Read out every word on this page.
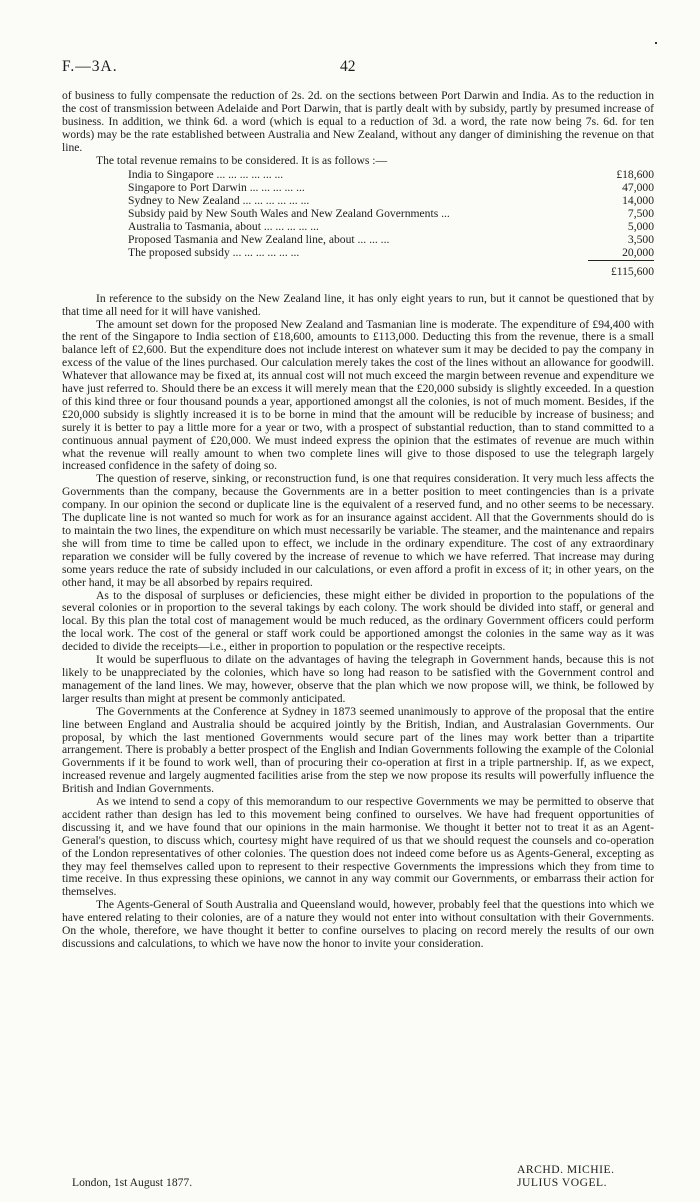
F.—3A.	42

of business to fully compensate the reduction of 2s. 2d. on the sections between Port Darwin and India. As to the reduction in the cost of transmission between Adelaide and Port Darwin, that is partly dealt with by subsidy, partly by presumed increase of business. In addition, we think 6d. a word (which is equal to a reduction of 3d. a word, the rate now being 7s. 6d. for ten words) may be the rate established between Australia and New Zealand, without any danger of diminishing the revenue on that line.

The total revenue remains to be considered. It is as follows :—

India to Singapore ... ... ... ... ... ...	£18,600
Singapore to Port Darwin ... ... ... ... ...	47,000
Sydney to New Zealand ... ... ... ... ... ...	14,000
Subsidy paid by New South Wales and New Zealand Governments ...	7,500
Australia to Tasmania, about ... ... ... ... ...	5,000
Proposed Tasmania and New Zealand line, about ... ... ...	3,500
The proposed subsidy ... ... ... ... ... ...	20,000
	£115,600

In reference to the subsidy on the New Zealand line, it has only eight years to run, but it cannot be questioned that by that time all need for it will have vanished.

The amount set down for the proposed New Zealand and Tasmanian line is moderate. The expenditure of £94,400 with the rent of the Singapore to India section of £18,600, amounts to £113,000. Deducting this from the revenue, there is a small balance left of £2,600. But the expenditure does not include interest on whatever sum it may be decided to pay the company in excess of the value of the lines purchased. Our calculation merely takes the cost of the lines without an allowance for goodwill. Whatever that allowance may be fixed at, its annual cost will not much exceed the margin between revenue and expenditure we have just referred to. Should there be an excess it will merely mean that the £20,000 subsidy is slightly exceeded. In a question of this kind three or four thousand pounds a year, apportioned amongst all the colonies, is not of much moment. Besides, if the £20,000 subsidy is slightly increased it is to be borne in mind that the amount will be reducible by increase of business; and surely it is better to pay a little more for a year or two, with a prospect of substantial reduction, than to stand committed to a continuous annual payment of £20,000. We must indeed express the opinion that the estimates of revenue are much within what the revenue will really amount to when two complete lines will give to those disposed to use the telegraph largely increased confidence in the safety of doing so.

The question of reserve, sinking, or reconstruction fund, is one that requires consideration. It very much less affects the Governments than the company, because the Governments are in a better position to meet contingencies than is a private company. In our opinion the second or duplicate line is the equivalent of a reserved fund, and no other seems to be necessary. The duplicate line is not wanted so much for work as for an insurance against accident. All that the Governments should do is to maintain the two lines, the expenditure on which must necessarily be variable. The steamer, and the maintenance and repairs she will from time to time be called upon to effect, we include in the ordinary expenditure. The cost of any extraordinary reparation we consider will be fully covered by the increase of revenue to which we have referred. That increase may during some years reduce the rate of subsidy included in our calculations, or even afford a profit in excess of it; in other years, on the other hand, it may be all absorbed by repairs required.

As to the disposal of surpluses or deficiencies, these might either be divided in proportion to the populations of the several colonies or in proportion to the several takings by each colony. The work should be divided into staff, or general and local. By this plan the total cost of management would be much reduced, as the ordinary Government officers could perform the local work. The cost of the general or staff work could be apportioned amongst the colonies in the same way as it was decided to divide the receipts—i.e., either in proportion to population or the respective receipts.

It would be superfluous to dilate on the advantages of having the telegraph in Government hands, because this is not likely to be unappreciated by the colonies, which have so long had reason to be satisfied with the Government control and management of the land lines. We may, however, observe that the plan which we now propose will, we think, be followed by larger results than might at present be commonly anticipated.

The Governments at the Conference at Sydney in 1873 seemed unanimously to approve of the proposal that the entire line between England and Australia should be acquired jointly by the British, Indian, and Australasian Governments. Our proposal, by which the last mentioned Governments would secure part of the lines may work better than a tripartite arrangement. There is probably a better prospect of the English and Indian Governments following the example of the Colonial Governments if it be found to work well, than of procuring their co-operation at first in a triple partnership. If, as we expect, increased revenue and largely augmented facilities arise from the step we now propose its results will powerfully influence the British and Indian Governments.

As we intend to send a copy of this memorandum to our respective Governments we may be permitted to observe that accident rather than design has led to this movement being confined to ourselves. We have had frequent opportunities of discussing it, and we have found that our opinions in the main harmonise. We thought it better not to treat it as an Agent-General's question, to discuss which, courtesy might have required of us that we should request the counsels and co-operation of the London representatives of other colonies. The question does not indeed come before us as Agents-General, excepting as they may feel themselves called upon to represent to their respective Governments the impressions which they from time to time receive. In thus expressing these opinions, we cannot in any way commit our Governments, or embarrass their action for themselves.

The Agents-General of South Australia and Queensland would, however, probably feel that the questions into which we have entered relating to their colonies, are of a nature they would not enter into without consultation with their Governments. On the whole, therefore, we have thought it better to confine ourselves to placing on record merely the results of our own discussions and calculations, to which we have now the honor to invite your consideration.

London, 1st August 1877.
ARCHD. MICHIE.
JULIUS VOGEL.
